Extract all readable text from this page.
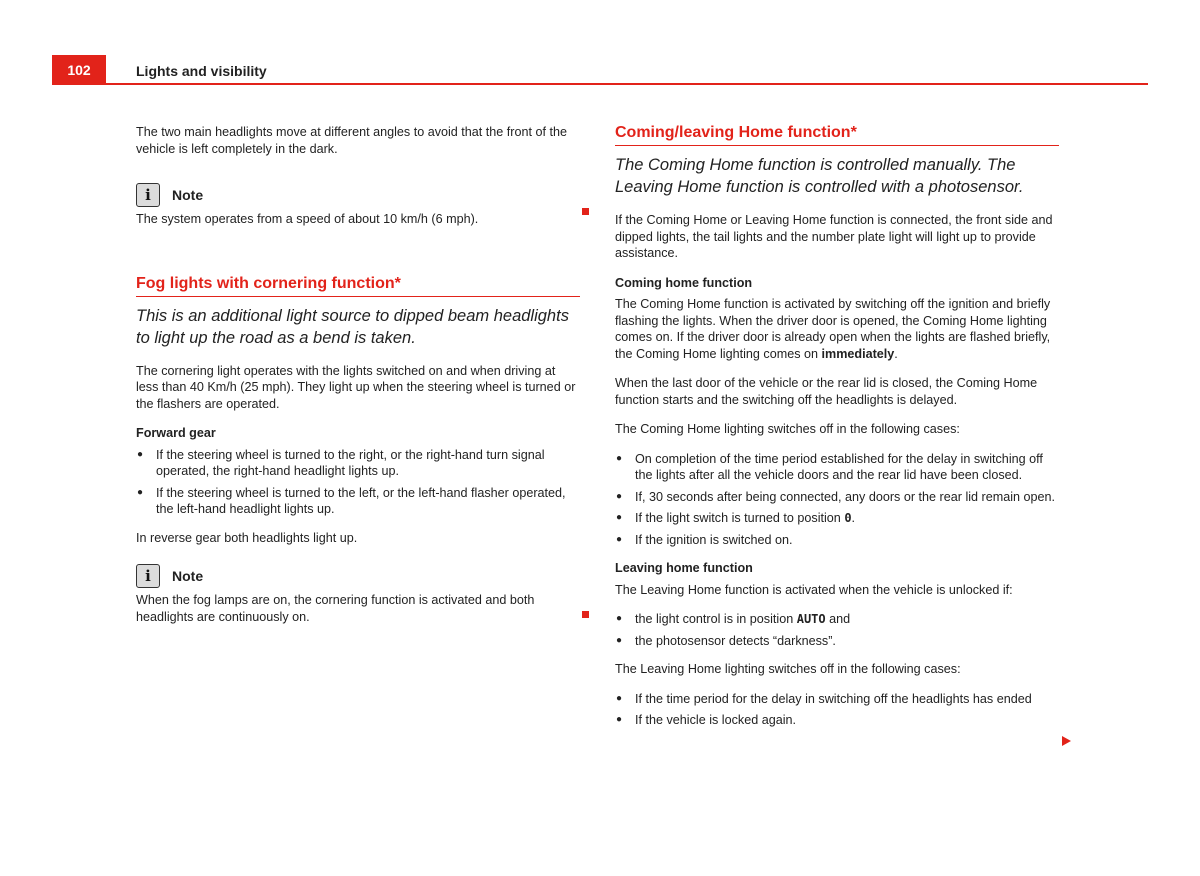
102	Lights and visibility

The two main headlights move at different angles to avoid that the front of the vehicle is left completely in the dark.

i	Note

The system operates from a speed of about 10 km/h (6 mph).

Fog lights with cornering function*

This is an additional light source to dipped beam headlights to light up the road as a bend is taken.

The cornering light operates with the lights switched on and when driving at less than 40 Km/h (25 mph). They light up when the steering wheel is turned or the flashers are operated.

Forward gear

● If the steering wheel is turned to the right, or the right-hand turn signal operated, the right-hand headlight lights up.
● If the steering wheel is turned to the left, or the left-hand flasher operated, the left-hand headlight lights up.

In reverse gear both headlights light up.

i	Note

When the fog lamps are on, the cornering function is activated and both headlights are continuously on.

Coming/leaving Home function*

The Coming Home function is controlled manually. The Leaving Home function is controlled with a photosensor.

If the Coming Home or Leaving Home function is connected, the front side and dipped lights, the tail lights and the number plate light will light up to provide assistance.

Coming home function

The Coming Home function is activated by switching off the ignition and briefly flashing the lights. When the driver door is opened, the Coming Home lighting comes on. If the driver door is already open when the lights are flashed briefly, the Coming Home lighting comes on immediately.

When the last door of the vehicle or the rear lid is closed, the Coming Home function starts and the switching off the headlights is delayed.

The Coming Home lighting switches off in the following cases:

● On completion of the time period established for the delay in switching off the lights after all the vehicle doors and the rear lid have been closed.
● If, 30 seconds after being connected, any doors or the rear lid remain open.
● If the light switch is turned to position 0.
● If the ignition is switched on.

Leaving home function

The Leaving Home function is activated when the vehicle is unlocked if:

● the light control is in position AUTO and
● the photosensor detects “darkness”.

The Leaving Home lighting switches off in the following cases:

● If the time period for the delay in switching off the headlights has ended
● If the vehicle is locked again.
